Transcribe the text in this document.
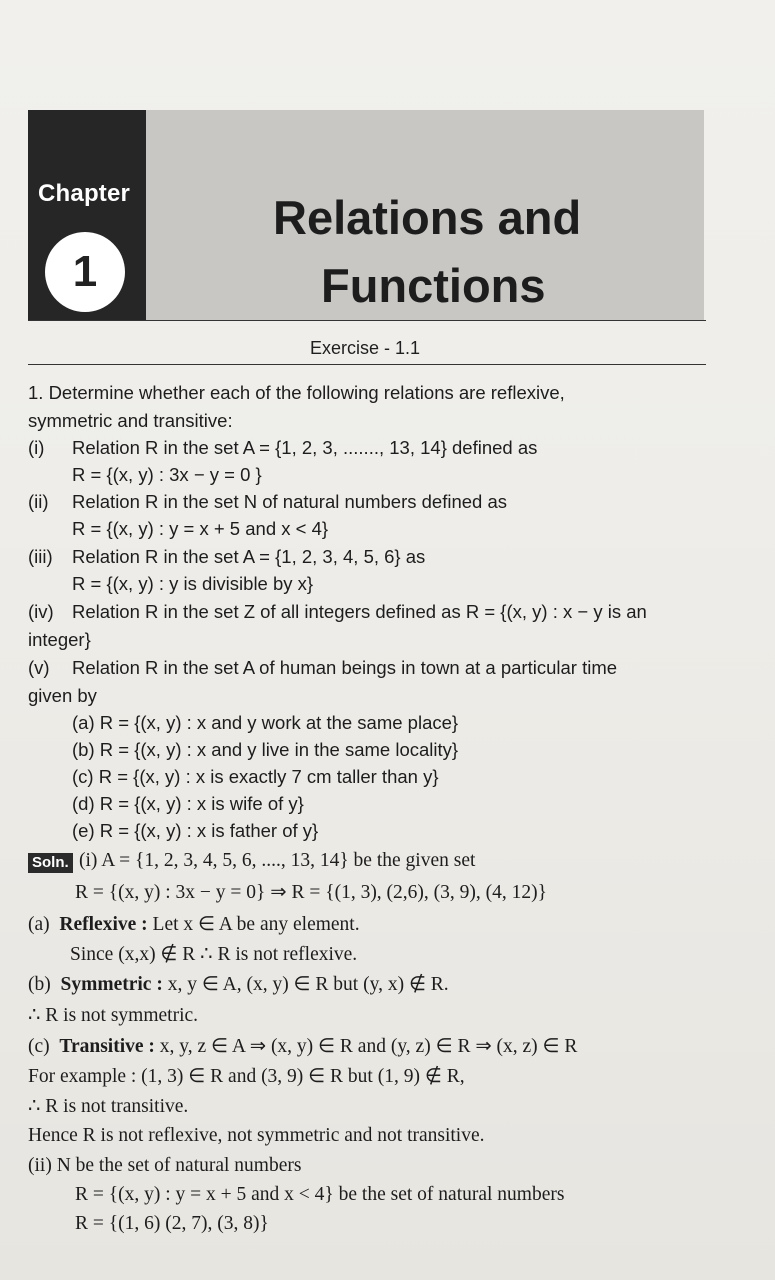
Chapter
1
Relations and
Functions
Exercise - 1.1
1. Determine whether each of the following relations are reflexive,
symmetric and transitive:
(i) Relation R in the set A = {1, 2, 3, ......., 13, 14} defined as
R = {(x, y) : 3x − y = 0 }
(ii) Relation R in the set N of natural numbers defined as
R = {(x, y) : y = x + 5 and x < 4}
(iii) Relation R in the set A = {1, 2, 3, 4, 5, 6} as
R = {(x, y) : y is divisible by x}
(iv) Relation R in the set Z of all integers defined as R = {(x, y) : x − y is an
integer}
(v) Relation R in the set A of human beings in town at a particular time
given by
(a) R = {(x, y) : x and y work at the same place}
(b) R = {(x, y) : x and y live in the same locality}
(c) R = {(x, y) : x is exactly 7 cm taller than y}
(d) R = {(x, y) : x is wife of y}
(e) R = {(x, y) : x is father of y}
Soln. (i) A = {1, 2, 3, 4, 5, 6, ...., 13, 14} be the given set
R = {(x, y) : 3x − y = 0} ⇒ R = {(1, 3), (2,6), (3, 9), (4, 12)}
(a) Reflexive : Let x ∈ A be any element.
Since (x,x) ∉ R ∴ R is not reflexive.
(b) Symmetric : x, y ∈ A, (x, y) ∈ R but (y, x) ∉ R.
∴ R is not symmetric.
(c) Transitive : x, y, z ∈ A ⇒ (x, y) ∈ R and (y, z) ∈ R ⇒ (x, z) ∈ R
For example : (1, 3) ∈ R and (3, 9) ∈ R but (1, 9) ∉ R,
∴ R is not transitive.
Hence R is not reflexive, not symmetric and not transitive.
(ii) N be the set of natural numbers
R = {(x, y) : y = x + 5 and x < 4} be the set of natural numbers
R = {(1, 6) (2, 7), (3, 8)}
